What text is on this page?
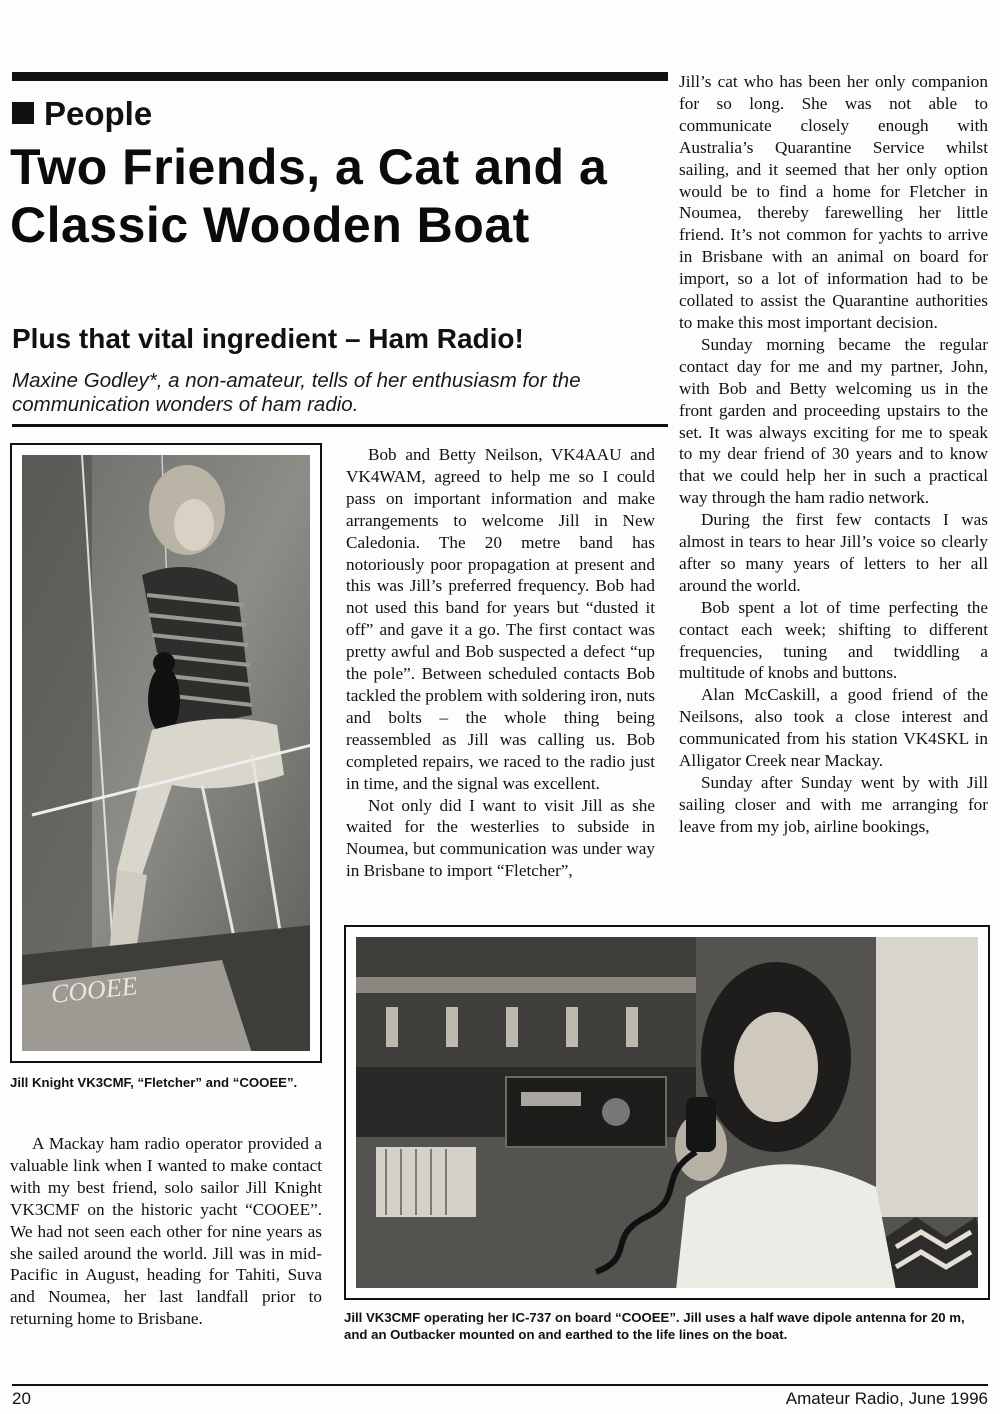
People
Two Friends, a Cat and a Classic Wooden Boat
Plus that vital ingredient – Ham Radio!

Maxine Godley*, a non-amateur, tells of her enthusiasm for the communication wonders of ham radio.

COOEE

Jill Knight VK3CMF, “Fletcher” and “COOEE”.

A Mackay ham radio operator provided a valuable link when I wanted to make contact with my best friend, solo sailor Jill Knight VK3CMF on the historic yacht “COOEE”. We had not seen each other for nine years as she sailed around the world. Jill was in mid-Pacific in August, heading for Tahiti, Suva and Noumea, her last landfall prior to returning home to Brisbane.

Bob and Betty Neilson, VK4AAU and VK4WAM, agreed to help me so I could pass on important information and make arrangements to welcome Jill in New Caledonia. The 20 metre band has notoriously poor propagation at present and this was Jill’s preferred frequency. Bob had not used this band for years but “dusted it off” and gave it a go. The first contact was pretty awful and Bob suspected a defect “up the pole”. Between scheduled contacts Bob tackled the problem with soldering iron, nuts and bolts – the whole thing being reassembled as Jill was calling us. Bob completed repairs, we raced to the radio just in time, and the signal was excellent.

Not only did I want to visit Jill as she waited for the westerlies to subside in Noumea, but communication was under way in Brisbane to import “Fletcher”,

Jill’s cat who has been her only companion for so long. She was not able to communicate closely enough with Australia’s Quarantine Service whilst sailing, and it seemed that her only option would be to find a home for Fletcher in Noumea, thereby farewelling her little friend. It’s not common for yachts to arrive in Brisbane with an animal on board for import, so a lot of information had to be collated to assist the Quarantine authorities to make this most important decision.

Sunday morning became the regular contact day for me and my partner, John, with Bob and Betty welcoming us in the front garden and proceeding upstairs to the set. It was always exciting for me to speak to my dear friend of 30 years and to know that we could help her in such a practical way through the ham radio network.

During the first few contacts I was almost in tears to hear Jill’s voice so clearly after so many years of letters to her all around the world.

Bob spent a lot of time perfecting the contact each week; shifting to different frequencies, tuning and twiddling a multitude of knobs and buttons.

Alan McCaskill, a good friend of the Neilsons, also took a close interest and communicated from his station VK4SKL in Alligator Creek near Mackay.

Sunday after Sunday went by with Jill sailing closer and with me arranging for leave from my job, airline bookings,

Jill VK3CMF operating her IC-737 on board “COOEE”. Jill uses a half wave dipole antenna for 20 m, and an Outbacker mounted on and earthed to the life lines on the boat.

20	Amateur Radio, June 1996
